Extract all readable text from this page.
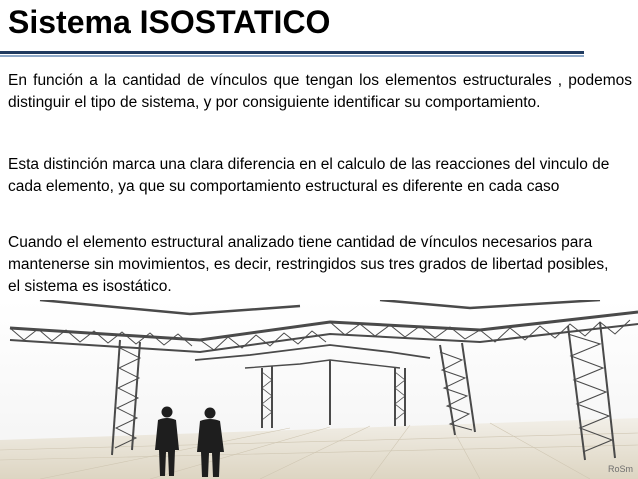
Sistema ISOSTATICO

En función a la cantidad de vínculos que tengan los elementos estructurales , podemos distinguir el tipo de sistema, y por consiguiente identificar su comportamiento.

Esta distinción marca una clara diferencia en el calculo de las reacciones del vinculo de cada elemento, ya que su comportamiento estructural es diferente en cada caso

Cuando el elemento estructural analizado tiene cantidad de vínculos necesarios para mantenerse sin movimientos, es decir, restringidos sus tres grados de libertad posibles, el sistema es isostático.

RoSm
